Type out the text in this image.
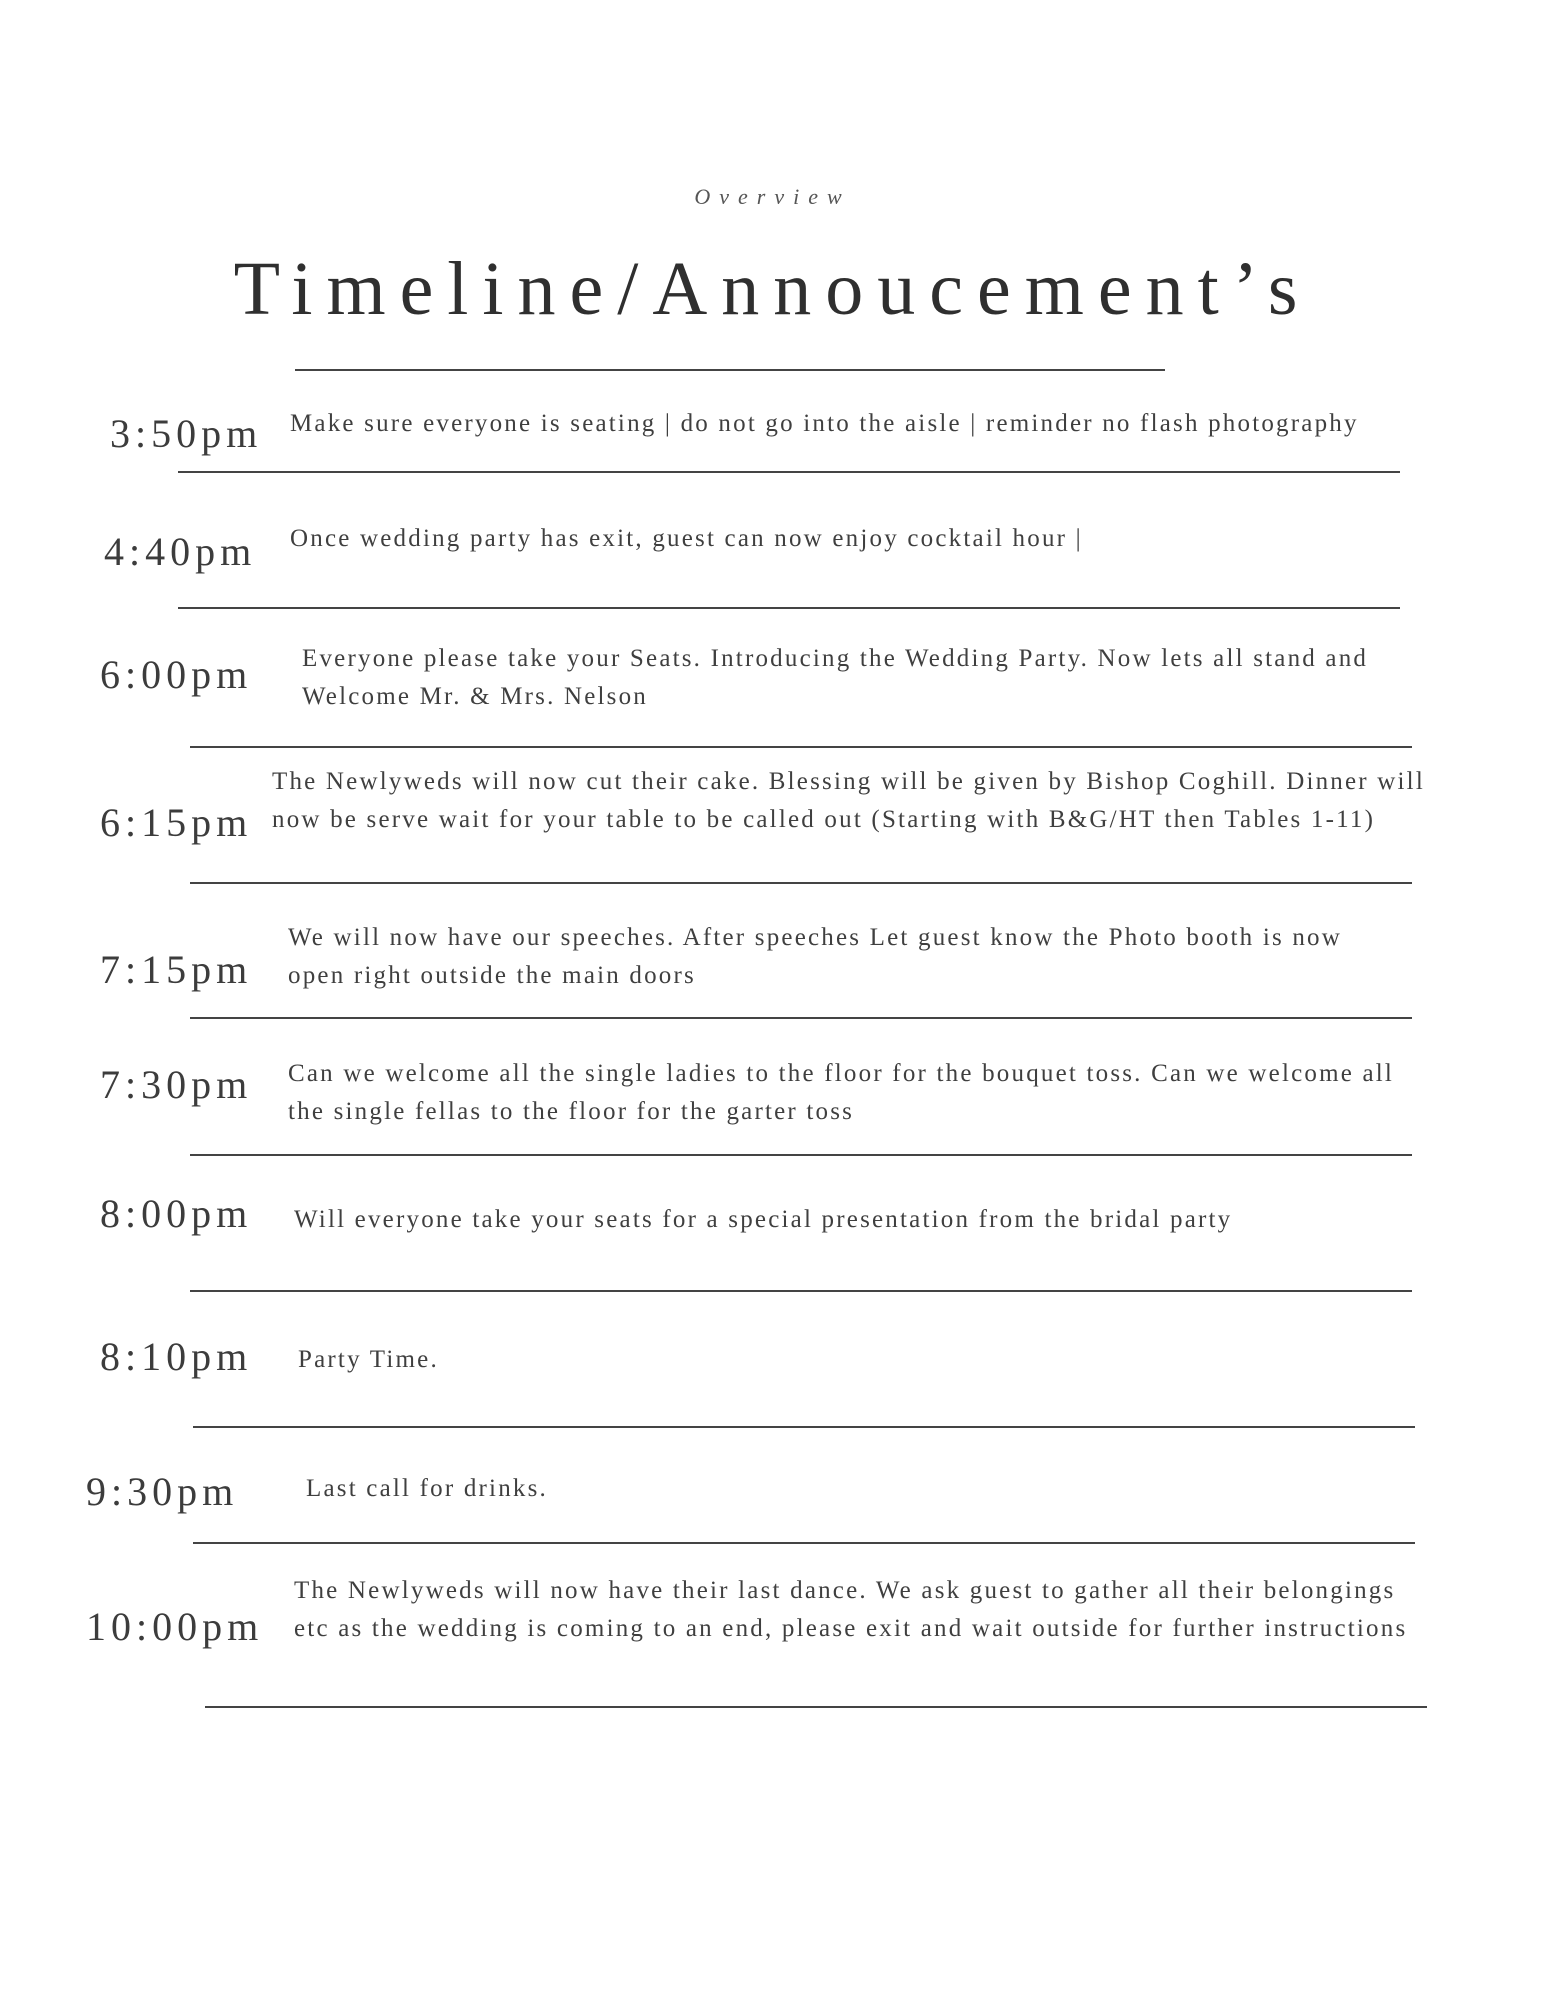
Overview
Timeline/Annoucement’s
3:50pm Make sure everyone is seating | do not go into the aisle | reminder no flash photography
4:40pm Once wedding party has exit, guest can now enjoy cocktail hour |
6:00pm Everyone please take your Seats. Introducing the Wedding Party. Now lets all stand and Welcome Mr. & Mrs. Nelson
6:15pm
The Newlyweds will now cut their cake. Blessing will be given by Bishop Coghill. Dinner will now be serve wait for your table to be called out (Starting with B&G/HT then Tables 1-11)
7:15pm
We will now have our speeches. After speeches Let guest know the Photo booth is now open right outside the main doors
7:30pm Can we welcome all the single ladies to the floor for the bouquet toss. Can we welcome all the single fellas to the floor for the garter toss
8:00pm Will everyone take your seats for a special presentation from the bridal party
8:10pm Party Time.
9:30pm	Last call for drinks.
10:00pm
The Newlyweds will now have their last dance. We ask guest to gather all their belongings etc as the wedding is coming to an end, please exit and wait outside for further instructions
